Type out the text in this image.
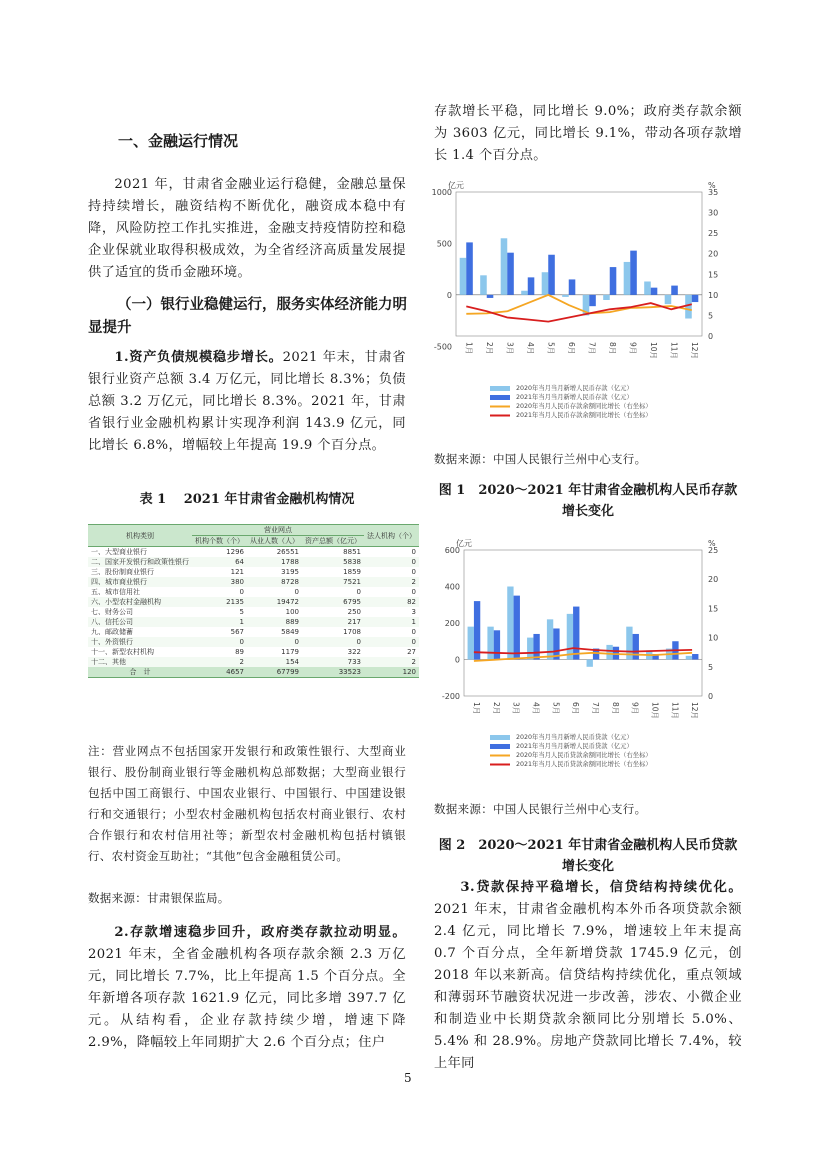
一、金融运行情况

2021 年，甘肃省金融业运行稳健，金融总量保持持续增长，融资结构不断优化，融资成本稳中有降，风险防控工作扎实推进，金融支持疫情防控和稳企业保就业取得积极成效，为全省经济高质量发展提供了适宜的货币金融环境。

（一）银行业稳健运行，服务实体经济能力明显提升

1.资产负债规模稳步增长。2021 年末，甘肃省银行业资产总额 3.4 万亿元，同比增长 8.3%；负债总额 3.2 万亿元，同比增长 8.3%。2021 年，甘肃省银行业金融机构累计实现净利润 143.9 亿元，同比增长 6.8%，增幅较上年提高 19.9 个百分点。

表 1　 2021 年甘肃省金融机构情况
机构类别	营业网点			法人机构（个）
	机构个数（个）	从业人数（人）	资产总额（亿元）	
一、大型商业银行	1296	26551	8851	0
二、国家开发银行和政策性银行	64	1788	5838	0
三、股份制商业银行	121	3195	1859	0
四、城市商业银行	380	8728	7521	2
五、城市信用社	0	0	0	0
六、小型农村金融机构	2135	19472	6795	82
七、财务公司	5	100	250	3
八、信托公司	1	889	217	1
九、邮政储蓄	567	5849	1708	0
十、外资银行	0	0	0	0
十一、新型农村机构	89	1179	322	27
十二、其他	2	154	733	2
合　计	4657	67799	33523	120

注：营业网点不包括国家开发银行和政策性银行、大型商业银行、股份制商业银行等金融机构总部数据；大型商业银行包括中国工商银行、中国农业银行、中国银行、中国建设银行和交通银行；小型农村金融机构包括农村商业银行、农村合作银行和农村信用社等；新型农村金融机构包括村镇银行、农村资金互助社；“其他”包含金融租赁公司。

数据来源：甘肃银保监局。

2.存款增速稳步回升，政府类存款拉动明显。2021 年末，全省金融机构各项存款余额 2.3 万亿元，同比增长 7.7%，比上年提高 1.5 个百分点。全年新增各项存款 1621.9 亿元，同比多增 397.7 亿元。从结构看，企业存款持续少增，增速下降 2.9%，降幅较上年同期扩大 2.6 个百分点；住户

存款增长平稳，同比增长 9.0%；政府类存款余额为 3603 亿元，同比增长 9.1%，带动各项存款增长 1.4 个百分点。

亿元	%
1000
500
0
-500
35
30
25
20
15
10
5
0
1月 2月 3月 4月 5月 6月 7月 8月 9月 10月 11月 12月
2020年当月当月新增人民币存款（亿元）
2021年当月当月新增人民币存款（亿元）
2020年当月人民币存款余额同比增长（右坐标）
2021年当月人民币存款余额同比增长（右坐标）
数据来源：中国人民银行兰州中心支行。
图 1　2020～2021 年甘肃省金融机构人民币存款增长变化
亿元	%
600
400
200
0
-200
25
20
15
10
5
0
1月 2月 3月 4月 5月 6月 7月 8月 9月 10月 11月 12月
2020年当月当月新增人民币贷款（亿元）
2021年当月当月新增人民币贷款（亿元）
2020年当月人民币贷款余额同比增长（右坐标）
2021年当月人民币贷款余额同比增长（右坐标）
数据来源：中国人民银行兰州中心支行。
图 2　2020～2021 年甘肃省金融机构人民币贷款增长变化

3.贷款保持平稳增长，信贷结构持续优化。2021 年末，甘肃省金融机构本外币各项贷款余额 2.4 亿元，同比增长 7.9%，增速较上年末提高 0.7 个百分点，全年新增贷款 1745.9 亿元，创 2018 年以来新高。信贷结构持续优化，重点领域和薄弱环节融资状况进一步改善，涉农、小微企业和制造业中长期贷款余额同比分别增长 5.0%、5.4% 和 28.9%。房地产贷款同比增长 7.4%，较上年同

5
